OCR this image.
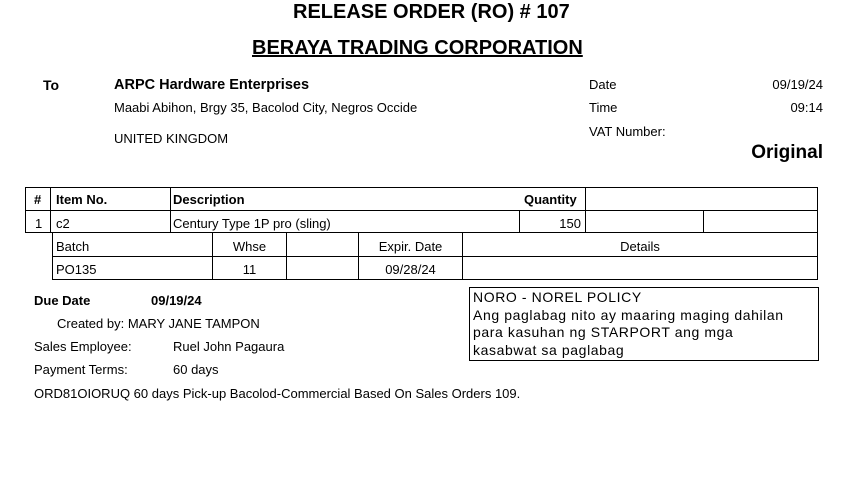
RELEASE ORDER (RO) # 107
BERAYA TRADING CORPORATION
To	ARPC Hardware Enterprises
Maabi Abihon, Brgy 35, Bacolod City, Negros Occide
UNITED KINGDOM
Date	09/19/24
Time	09:14
VAT Number:
Original
# Item No.	Description	Quantity
1 c2	Century Type 1P pro (sling)	150
Batch	Whse	Expir. Date	Details
PO135	11	09/28/24
Due Date	09/19/24
Created by: MARY JANE TAMPON
Sales Employee:	Ruel John Pagaura
Payment Terms:	60 days
ORD81OIORUQ 60 days Pick-up Bacolod-Commercial Based On Sales Orders 109.
NORO - NOREL POLICY
Ang paglabag nito ay maaring maging dahilan
para kasuhan ng STARPORT ang mga
kasabwat sa paglabag
